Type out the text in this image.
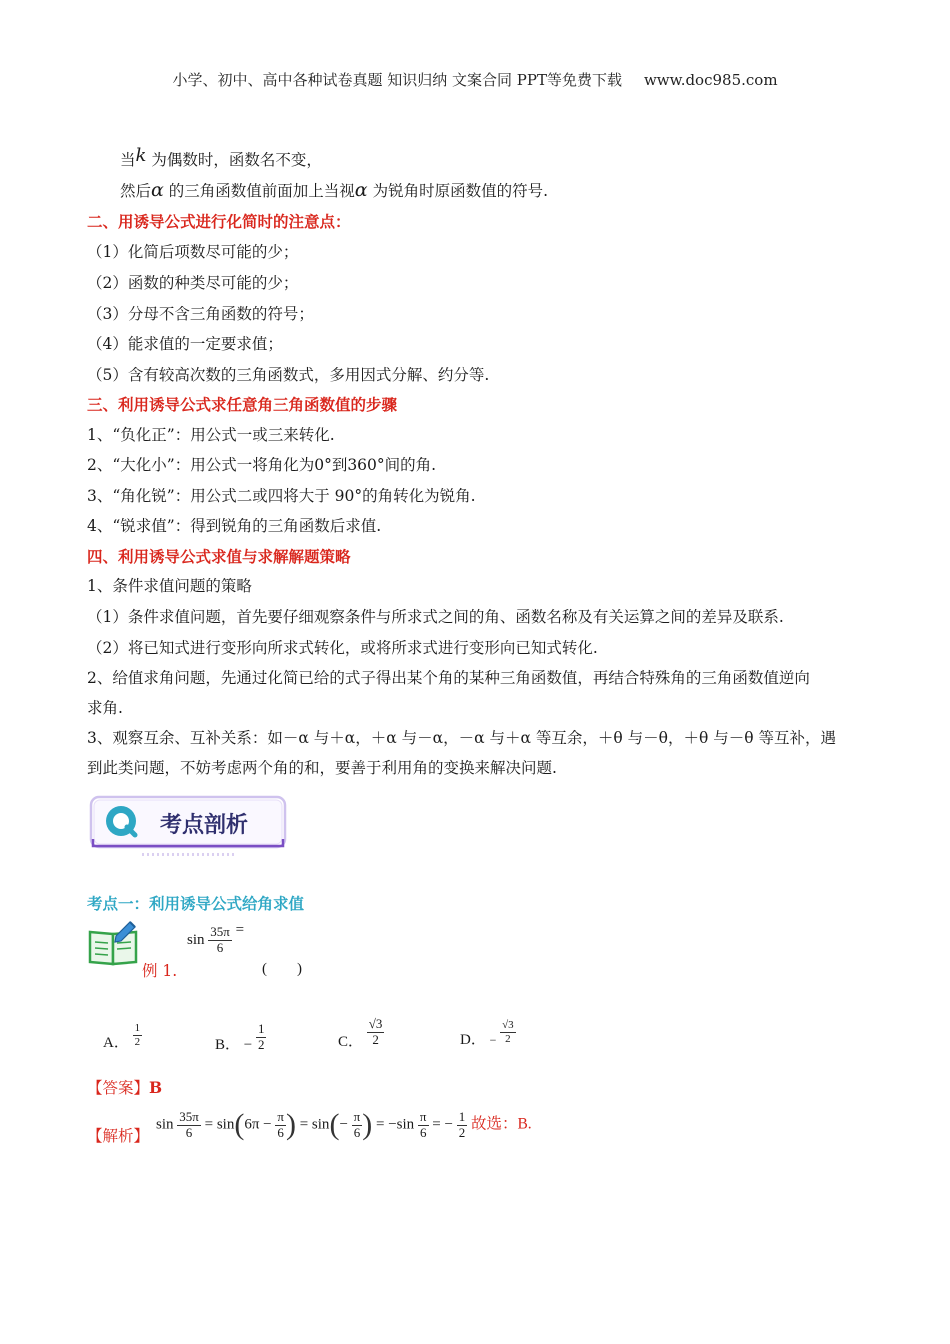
小学、初中、高中各种试卷真题 知识归纳 文案合同 PPT等免费下载 www.doc985.com
当k 为偶数时，函数名不变，
然后α 的三角函数值前面加上当视α 为锐角时原函数值的符号.
二、用诱导公式进行化简时的注意点：
（1）化简后项数尽可能的少；
（2）函数的种类尽可能的少；
（3）分母不含三角函数的符号；
（4）能求值的一定要求值；
（5）含有较高次数的三角函数式，多用因式分解、约分等.
三、利用诱导公式求任意角三角函数值的步骤
1、“负化正”：用公式一或三来转化.
2、“大化小”：用公式一将角化为0°到360°间的角.
3、“角化锐”：用公式二或四将大于 90°的角转化为锐角.
4、“锐求值”：得到锐角的三角函数后求值.
四、利用诱导公式求值与求解解题策略
1、条件求值问题的策略
（1）条件求值问题，首先要仔细观察条件与所求式之间的角、函数名称及有关运算之间的差异及联系.
（2）将已知式进行变形向所求式转化，或将所求式进行变形向已知式转化.
2、给值求角问题，先通过化简已给的式子得出某个角的某种三角函数值，再结合特殊角的三角函数值逆向
求角.
3、观察互余、互补关系：如－α 与＋α，＋α 与－α，－α 与＋α 等互余，＋θ 与－θ，＋θ 与－θ 等互补，遇
到此类问题，不妨考虑两个角的和，要善于利用角的变换来解决问题.
考点剖析
考点一：利用诱导公式给角求值
例 1.
$\sin \frac{35\pi}{6}$ =
(　　)
A． $\frac{1}{2}$	B． − $\frac{1}{2}$	C． $\frac{√3}{2}$	D． $_- \frac{√3}{2}$
【答案】B
【解析】
$\sin \frac{35\pi}{6} = \sin(6\pi - \frac{\pi}{6}$ ) = $\sin(- \frac{\pi}{6}$ ) = $-\sin \frac{\pi}{6}$ = − $\frac{1}{2}$ 故选：B.
